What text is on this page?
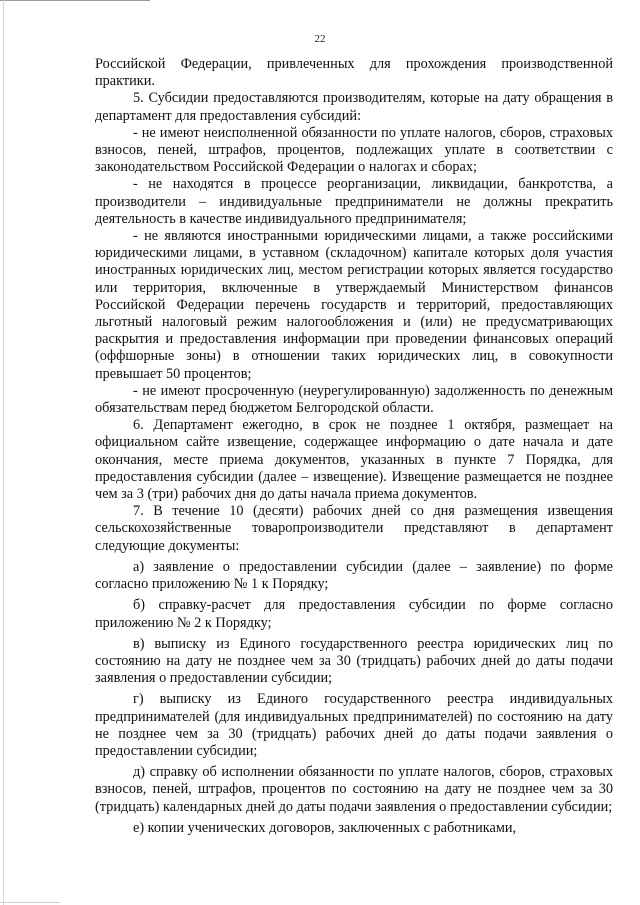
22

Российской Федерации, привлеченных для прохождения производственной практики.

5. Субсидии предоставляются производителям, которые на дату обращения в департамент для предоставления субсидий:

- не имеют неисполненной обязанности по уплате налогов, сборов, страховых взносов, пеней, штрафов, процентов, подлежащих уплате в соответствии с законодательством Российской Федерации о налогах и сборах;

- не находятся в процессе реорганизации, ликвидации, банкротства, а производители – индивидуальные предприниматели не должны прекратить деятельность в качестве индивидуального предпринимателя;

- не являются иностранными юридическими лицами, а также российскими юридическими лицами, в уставном (складочном) капитале которых доля участия иностранных юридических лиц, местом регистрации которых является государство или территория, включенные в утверждаемый Министерством финансов Российской Федерации перечень государств и территорий, предоставляющих льготный налоговый режим налогообложения и (или) не предусматривающих раскрытия и предоставления информации при проведении финансовых операций (оффшорные зоны) в отношении таких юридических лиц, в совокупности превышает 50 процентов;

- не имеют просроченную (неурегулированную) задолженность по денежным обязательствам перед бюджетом Белгородской области.

6. Департамент ежегодно, в срок не позднее 1 октября, размещает на официальном сайте извещение, содержащее информацию о дате начала и дате окончания, месте приема документов, указанных в пункте 7 Порядка, для предоставления субсидии (далее – извещение). Извещение размещается не позднее чем за 3 (три) рабочих дня до даты начала приема документов.

7. В течение 10 (десяти) рабочих дней со дня размещения извещения сельскохозяйственные товаропроизводители представляют в департамент следующие документы:

а) заявление о предоставлении субсидии (далее – заявление) по форме согласно приложению № 1 к Порядку;

б) справку-расчет для предоставления субсидии по форме согласно приложению № 2 к Порядку;

в) выписку из Единого государственного реестра юридических лиц по состоянию на дату не позднее чем за 30 (тридцать) рабочих дней до даты подачи заявления о предоставлении субсидии;

г) выписку из Единого государственного реестра индивидуальных предпринимателей (для индивидуальных предпринимателей) по состоянию на дату не позднее чем за 30 (тридцать) рабочих дней до даты подачи заявления о предоставлении субсидии;

д) справку об исполнении обязанности по уплате налогов, сборов, страховых взносов, пеней, штрафов, процентов по состоянию на дату не позднее чем за 30 (тридцать) календарных дней до даты подачи заявления о предоставлении субсидии;

е) копии ученических договоров, заключенных с работниками,
